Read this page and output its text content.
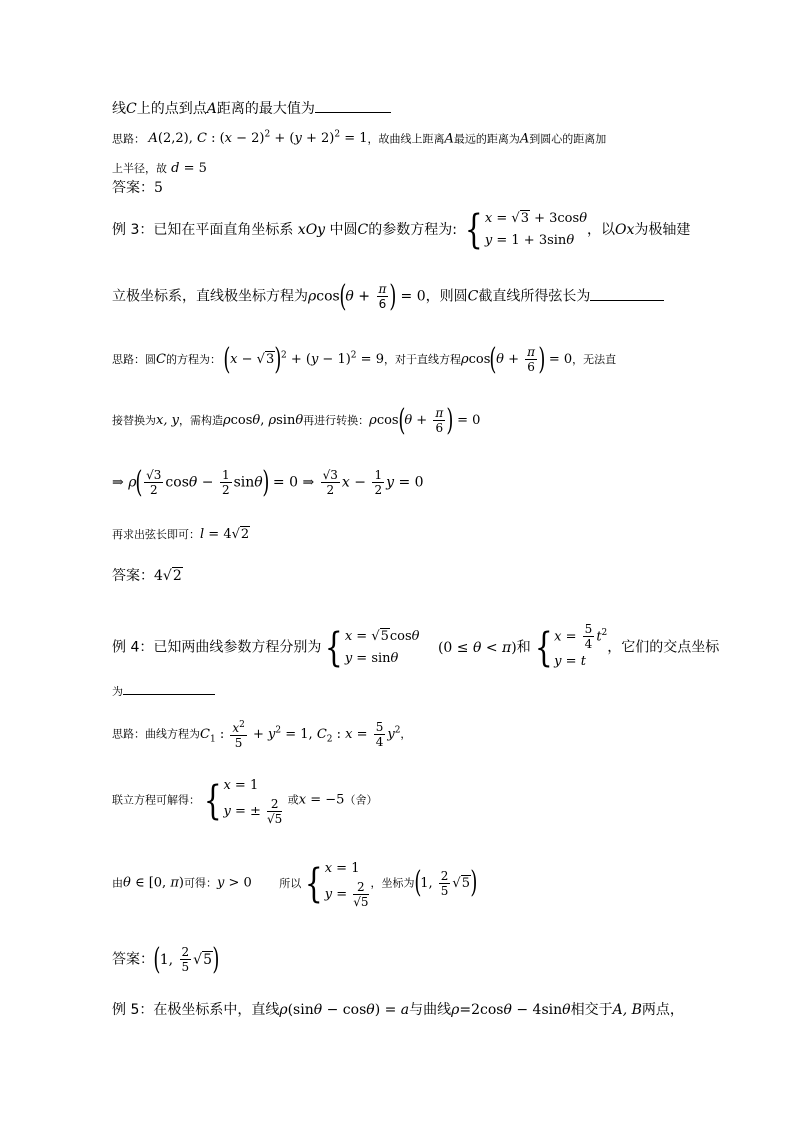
线C上的点到点A距离的最大值为
思路： A(2,2), C : $(x - 2)^2 + (y + 2)^2 = 1$，故曲线上距离A最远的距离为A到圆心的距离加
上半径，故 d = 5
答案：5
例 3：已知在平面直角坐标系 xOy 中圆C的参数方程为: { x = √3 + 3cosθ
y = 1 + 3sinθ
，以Ox为极轴建
立极坐标系，直线极坐标方程为$\rho\cos(\theta + \frac{\pi}{6}$ ) = 0，则圆C截直线所得弦长为
思路：圆C的方程为： $(x - √3)^2 + (y - 1)^2 = 9$，对于直线方程$\rho\cos(\theta + \frac{\pi}{6}$ ) = 0，无法直
接替换为x, y，需构造ρcosθ, ρsinθ再进行转换：$\rho\cos(\theta + \frac{\pi}{6}$ ) = 0
⇒ $\rho( \frac{√3}{2}$ $\cos\theta - \frac{1}{2} \sin\theta) = 0$ ⇒ $\frac{√3}{2}$ $x - \frac{1}{2}$ y = 0
再求出弦长即可：l = 4√2
答案：4√2
例 4：已知两曲线参数方程分别为{ x = √5cosθ
y = sinθ
(0 ≤ θ < π)和{ $x = \frac{5}{4} t^2$
y = t
，它们的交点坐标
为
思路：曲线方程为$C_1$ : $\frac{x^2}{5} + y^2 = 1$, $C_2$ : $x = \frac{5}{4} y^2$，
联立方程可解得：{ x = 1
y = ± $\frac{2}{√5}$ 或x = −5（舍）
由θ ∈ [0, π)可得：y > 0	所以{ x = 1
$y = \frac{2}{√5}$ ，坐标为(1, $\frac{2}{5} √5$)
答案：(1, $\frac{2}{5} √5$)
例 5：在极坐标系中，直线ρ(sinθ − cosθ) = a与曲线ρ=2cosθ − 4sinθ相交于A, B两点，
